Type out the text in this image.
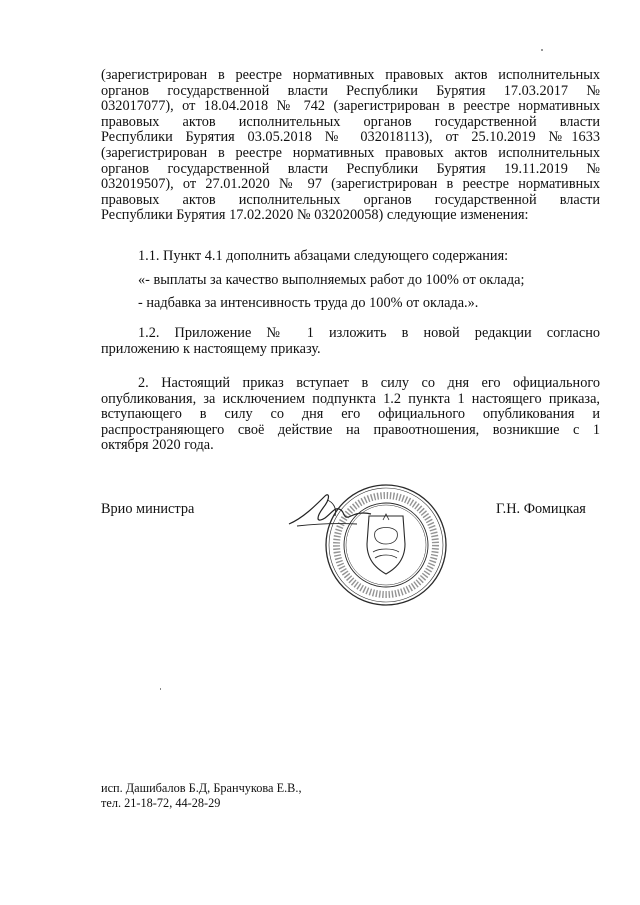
(зарегистрирован в реестре нормативных правовых актов исполнительных
органов государственной власти Республики Бурятия 17.03.2017 №
032017077), от 18.04.2018 № 742 (зарегистрирован в реестре нормативных
правовых актов исполнительных органов государственной власти
Республики Бурятия 03.05.2018 № 032018113), от 25.10.2019 №1633
(зарегистрирован в реестре нормативных правовых актов исполнительных
органов государственной власти Республики Бурятия 19.11.2019 №
032019507), от 27.01.2020 № 97 (зарегистрирован в реестре нормативных
правовых актов исполнительных органов государственной власти
Республики Бурятия 17.02.2020 № 032020058) следующие изменения:
1.1. Пункт 4.1 дополнить абзацами следующего содержания:
«- выплаты за качество выполняемых работ до 100% от оклада;
- надбавка за интенсивность труда до 100% от оклада.».
1.2. Приложение № 1 изложить в новой редакции согласно
приложению к настоящему приказу.
2. Настоящий приказ вступает в силу со дня его официального
опубликования, за исключением подпункта 1.2 пункта 1 настоящего приказа,
вступающего в силу со дня его официального опубликования и
распространяющего своё действие на правоотношения, возникшие с 1
октября 2020 года.
Врио министра	Г.Н. Фомицкая
исп. Дашибалов Б.Д, Бранчукова Е.В.,
тел. 21-18-72, 44-28-29
